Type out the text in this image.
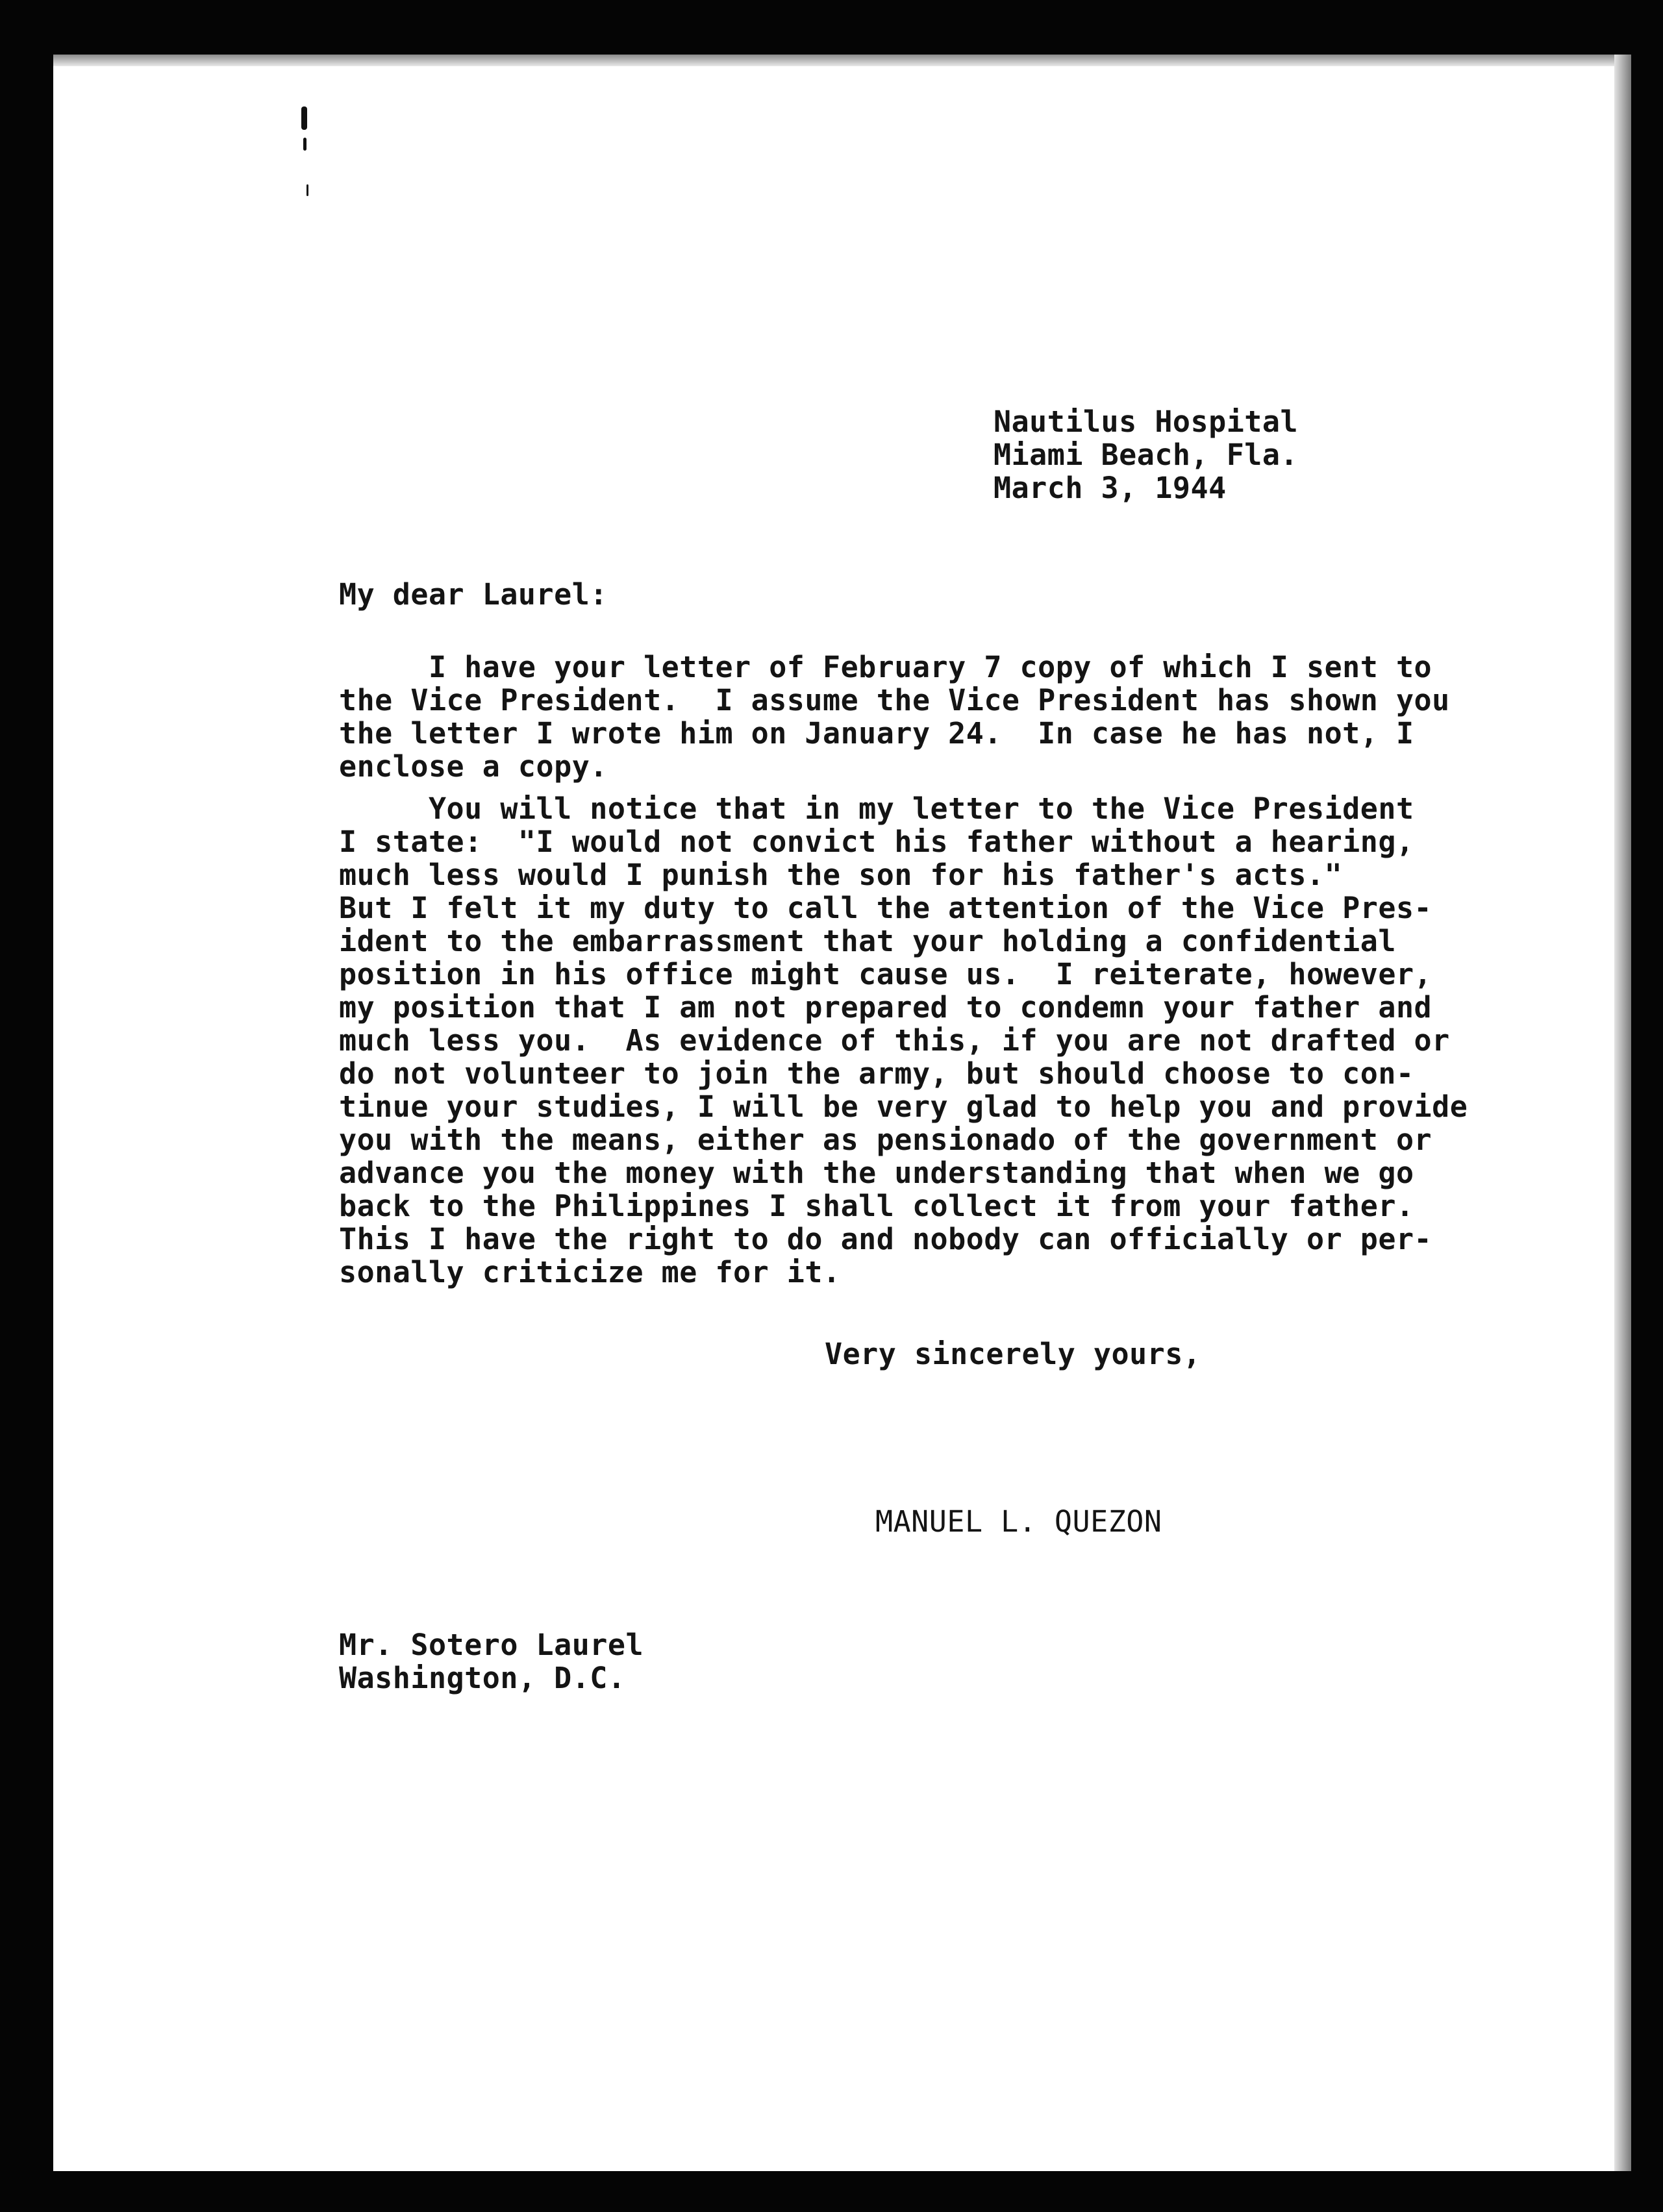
Nautilus Hospital
Miami Beach, Fla.
March 3, 1944
My dear Laurel:
I have your letter of February 7 copy of which I sent to
the Vice President.  I assume the Vice President has shown you
the letter I wrote him on January 24.  In case he has not, I
enclose a copy.
You will notice that in my letter to the Vice President
I state:  "I would not convict his father without a hearing,
much less would I punish the son for his father's acts."
But I felt it my duty to call the attention of the Vice Pres-
ident to the embarrassment that your holding a confidential
position in his office might cause us.  I reiterate, however,
my position that I am not prepared to condemn your father and
much less you.  As evidence of this, if you are not drafted or
do not volunteer to join the army, but should choose to con-
tinue your studies, I will be very glad to help you and provide
you with the means, either as pensionado of the government or
advance you the money with the understanding that when we go
back to the Philippines I shall collect it from your father.
This I have the right to do and nobody can officially or per-
sonally criticize me for it.
Very sincerely yours,
MANUEL L. QUEZON
Mr. Sotero Laurel
Washington, D.C.
